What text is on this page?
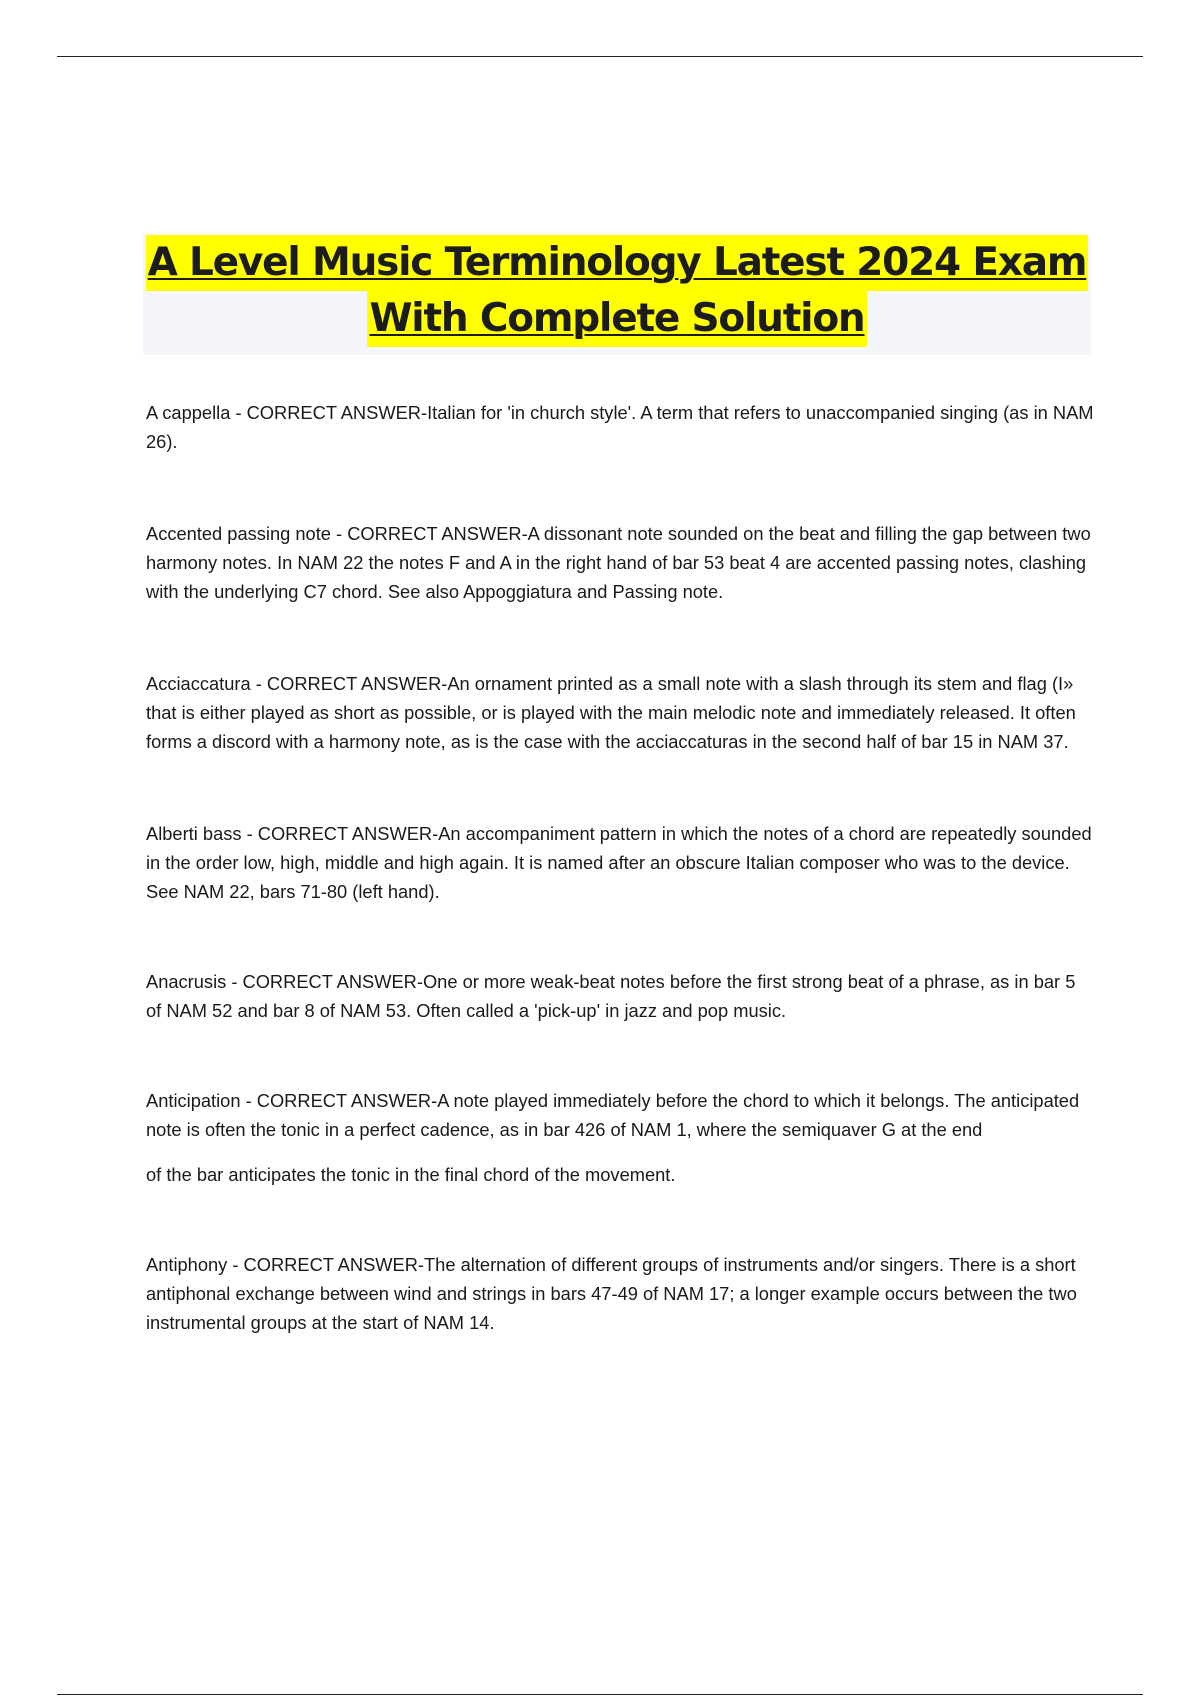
A Level Music Terminology Latest 2024 Exam
With Complete Solution

A cappella - CORRECT ANSWER-Italian for 'in church style'. A term that refers to unaccompanied singing (as in NAM 26).

Accented passing note - CORRECT ANSWER-A dissonant note sounded on the beat and filling the gap between two harmony notes. In NAM 22 the notes F and A in the right hand of bar 53 beat 4 are accented passing notes, clashing with the underlying C7 chord. See also Appoggiatura and Passing note.

Acciaccatura - CORRECT ANSWER-An ornament printed as a small note with a slash through its stem and flag (I» that is either played as short as possible, or is played with the main melodic note and immediately released. It often forms a discord with a harmony note, as is the case with the acciaccaturas in the second half of bar 15 in NAM 37.

Alberti bass - CORRECT ANSWER-An accompaniment pattern in which the notes of a chord are repeatedly sounded in the order low, high, middle and high again. It is named after an obscure Italian composer who was to the device. See NAM 22, bars 71-80 (left hand).

Anacrusis - CORRECT ANSWER-One or more weak-beat notes before the first strong beat of a phrase, as in bar 5 of NAM 52 and bar 8 of NAM 53. Often called a 'pick-up' in jazz and pop music.

Anticipation - CORRECT ANSWER-A note played immediately before the chord to which it belongs. The anticipated note is often the tonic in a perfect cadence, as in bar 426 of NAM 1, where the semiquaver G at the end

of the bar anticipates the tonic in the final chord of the movement.

Antiphony - CORRECT ANSWER-The alternation of different groups of instruments and/or singers. There is a short antiphonal exchange between wind and strings in bars 47-49 of NAM 17; a longer example occurs between the two instrumental groups at the start of NAM 14.
